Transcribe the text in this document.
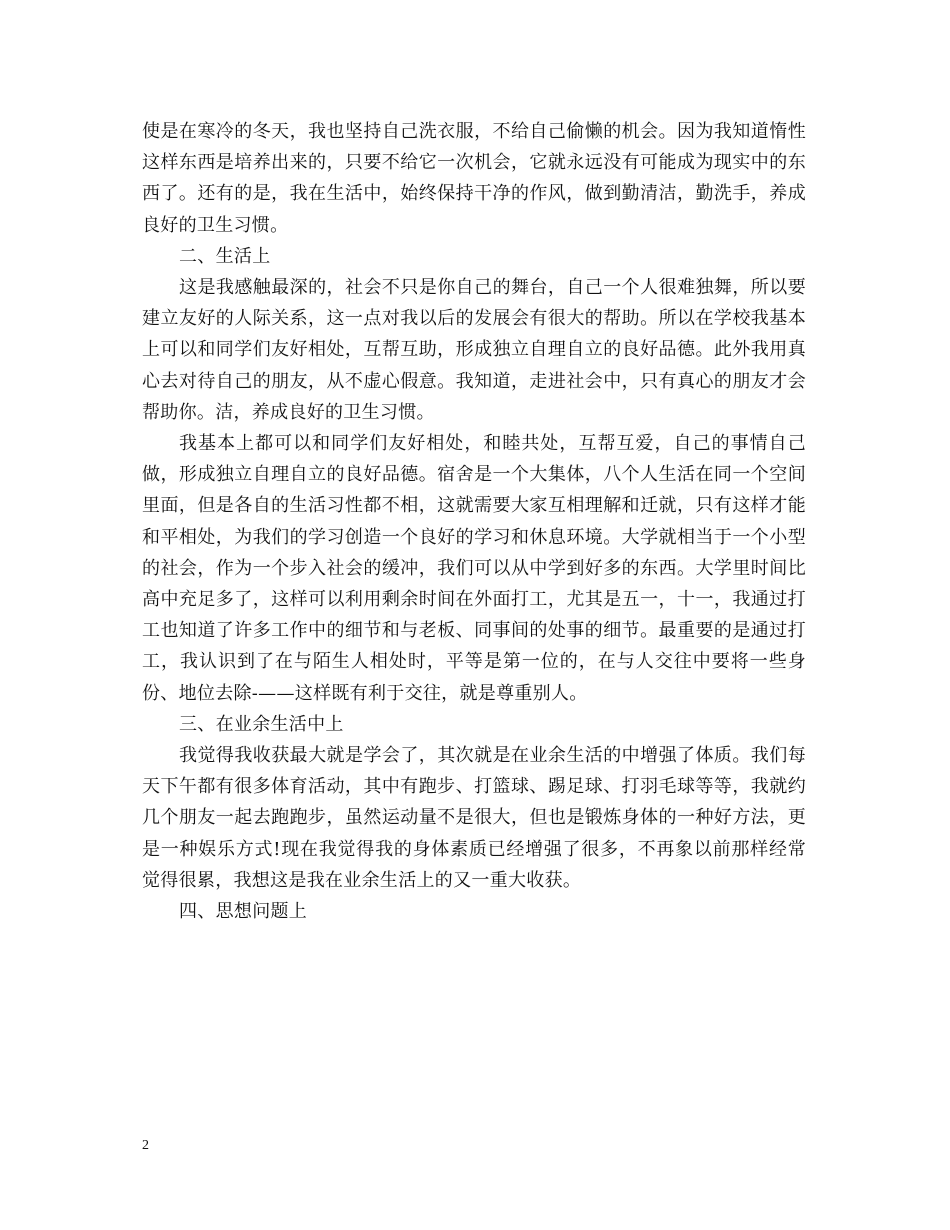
使是在寒冷的冬天，我也坚持自己洗衣服，不给自己偷懒的机会。因为我知道惰性这样东西是培养出来的，只要不给它一次机会，它就永远没有可能成为现实中的东西了。还有的是，我在生活中，始终保持干净的作风，做到勤清洁，勤洗手，养成良好的卫生习惯。

二、生活上

这是我感触最深的，社会不只是你自己的舞台，自己一个人很难独舞，所以要建立友好的人际关系，这一点对我以后的发展会有很大的帮助。所以在学校我基本上可以和同学们友好相处，互帮互助，形成独立自理自立的良好品德。此外我用真心去对待自己的朋友，从不虚心假意。我知道，走进社会中，只有真心的朋友才会帮助你。洁，养成良好的卫生习惯。

我基本上都可以和同学们友好相处，和睦共处，互帮互爱，自己的事情自己做，形成独立自理自立的良好品德。宿舍是一个大集体，八个人生活在同一个空间里面，但是各自的生活习性都不相，这就需要大家互相理解和迁就，只有这样才能和平相处，为我们的学习创造一个良好的学习和休息环境。大学就相当于一个小型的社会，作为一个步入社会的缓冲，我们可以从中学到好多的东西。大学里时间比高中充足多了，这样可以利用剩余时间在外面打工，尤其是五一，十一，我通过打工也知道了许多工作中的细节和与老板、同事间的处事的细节。最重要的是通过打工，我认识到了在与陌生人相处时，平等是第一位的，在与人交往中要将一些身份、地位去除-——这样既有利于交往，就是尊重别人。

三、在业余生活中上

我觉得我收获最大就是学会了，其次就是在业余生活的中增强了体质。我们每天下午都有很多体育活动，其中有跑步、打篮球、踢足球、打羽毛球等等，我就约几个朋友一起去跑跑步，虽然运动量不是很大，但也是锻炼身体的一种好方法，更是一种娱乐方式!现在我觉得我的身体素质已经增强了很多，不再象以前那样经常觉得很累，我想这是我在业余生活上的又一重大收获。

四、思想问题上

2
